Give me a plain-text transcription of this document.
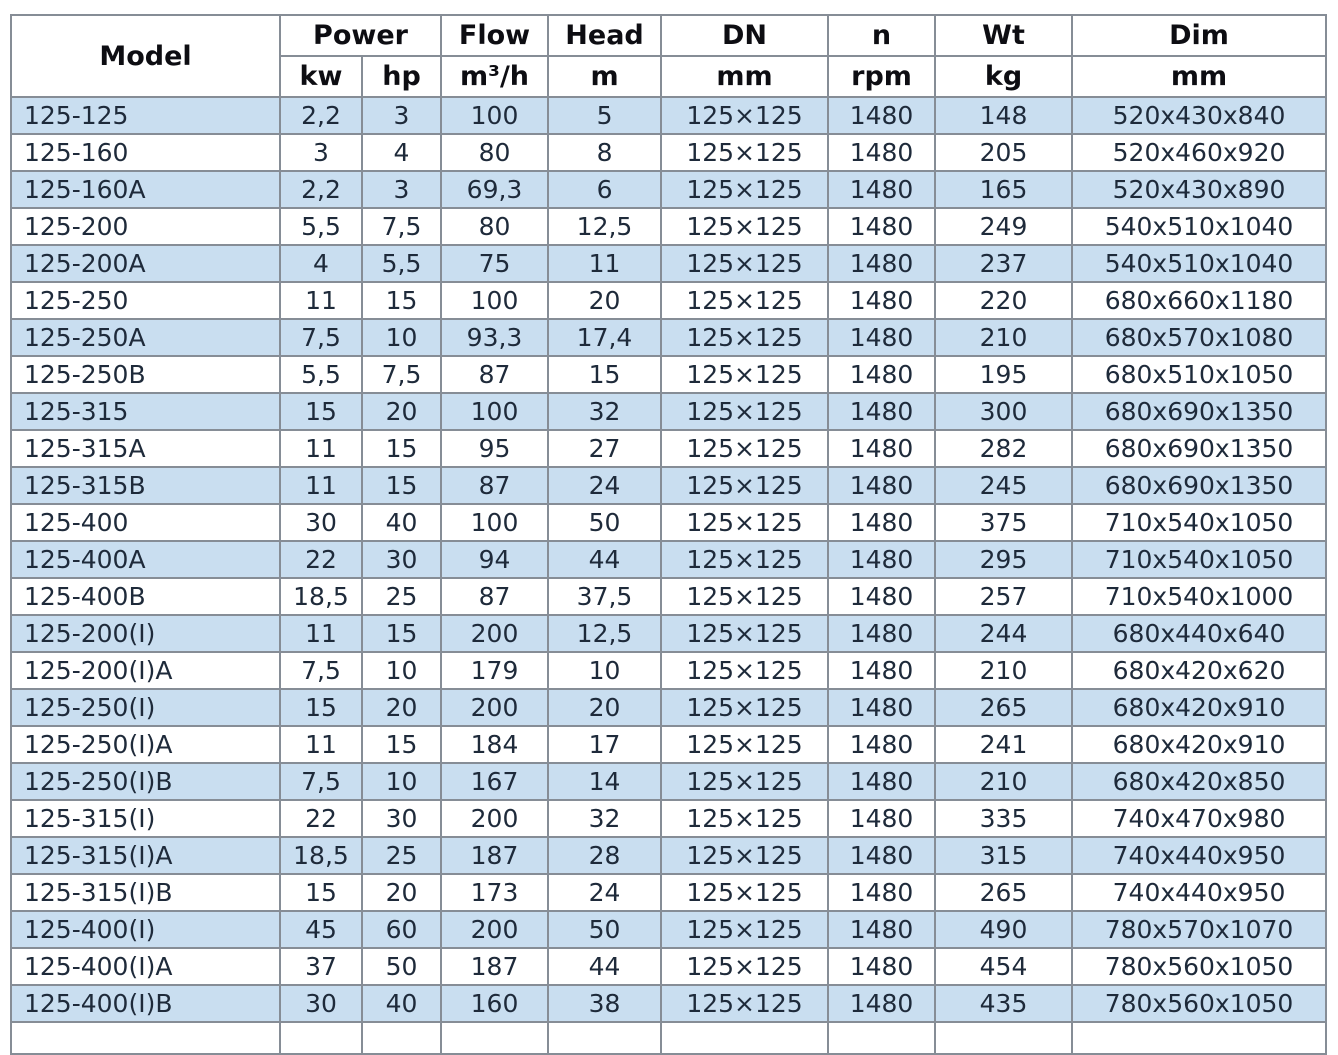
Model	Power		Flow	Head	DN	n	Wt	Dim
	kw	hp	m³/h	m	mm	rpm	kg	mm
125-125	2,2	3	100	5	125×125	1480	148	520x430x840
125-160	3	4	80	8	125×125	1480	205	520x460x920
125-160A	2,2	3	69,3	6	125×125	1480	165	520x430x890
125-200	5,5	7,5	80	12,5	125×125	1480	249	540x510x1040
125-200A	4	5,5	75	11	125×125	1480	237	540x510x1040
125-250	11	15	100	20	125×125	1480	220	680x660x1180
125-250A	7,5	10	93,3	17,4	125×125	1480	210	680x570x1080
125-250B	5,5	7,5	87	15	125×125	1480	195	680x510x1050
125-315	15	20	100	32	125×125	1480	300	680x690x1350
125-315A	11	15	95	27	125×125	1480	282	680x690x1350
125-315B	11	15	87	24	125×125	1480	245	680x690x1350
125-400	30	40	100	50	125×125	1480	375	710x540x1050
125-400A	22	30	94	44	125×125	1480	295	710x540x1050
125-400B	18,5	25	87	37,5	125×125	1480	257	710x540x1000
125-200(I)	11	15	200	12,5	125×125	1480	244	680x440x640
125-200(I)A	7,5	10	179	10	125×125	1480	210	680x420x620
125-250(I)	15	20	200	20	125×125	1480	265	680x420x910
125-250(I)A	11	15	184	17	125×125	1480	241	680x420x910
125-250(I)B	7,5	10	167	14	125×125	1480	210	680x420x850
125-315(I)	22	30	200	32	125×125	1480	335	740x470x980
125-315(I)A	18,5	25	187	28	125×125	1480	315	740x440x950
125-315(I)B	15	20	173	24	125×125	1480	265	740x440x950
125-400(I)	45	60	200	50	125×125	1480	490	780x570x1070
125-400(I)A	37	50	187	44	125×125	1480	454	780x560x1050
125-400(I)B	30	40	160	38	125×125	1480	435	780x560x1050
